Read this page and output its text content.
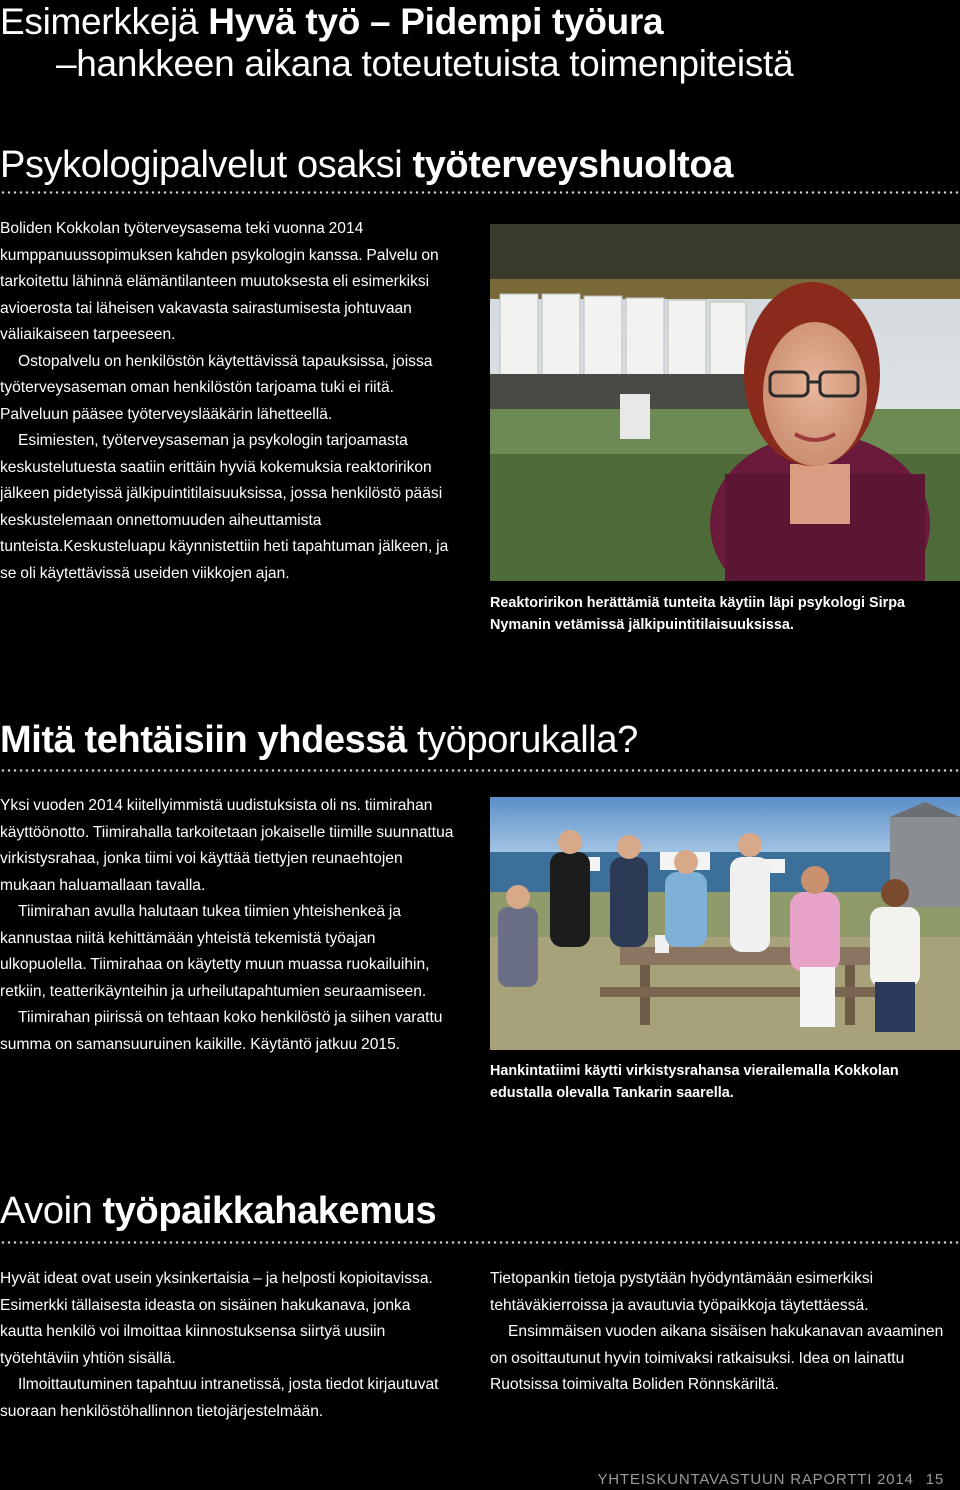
Esimerkkejä Hyvä työ – Pidempi työura
–hankkeen aikana toteutetuista toimenpiteistä
Psykologipalvelut osaksi työterveyshuoltoa

Boliden Kokkolan työterveysasema teki vuonna 2014 kumppanuussopimuksen kahden psykologin kanssa. Palvelu on tarkoitettu lähinnä elämäntilanteen muutoksesta eli esimerkiksi avioerosta tai läheisen vakavasta sairastumisesta johtuvaan väliaikaiseen tarpeeseen.

Ostopalvelu on henkilöstön käytettävissä tapauksissa, joissa työterveysaseman oman henkilöstön tarjoama tuki ei riitä. Palveluun pääsee työterveyslääkärin lähetteellä.

Esimiesten, työterveysaseman ja psykologin tarjoamasta keskustelutuesta saatiin erittäin hyviä kokemuksia reaktoririkon jälkeen pidetyissä jälkipuintitilaisuuksissa, jossa henkilöstö pääsi keskustelemaan onnettomuuden aiheuttamista tunteista.Keskusteluapu käynnistettiin heti tapahtuman jälkeen, ja se oli käytettävissä useiden viikkojen ajan.

Reaktoririkon herättämiä tunteita käytiin läpi psykologi Sirpa Nymanin vetämissä jälkipuintitilaisuuksissa.
Mitä tehtäisiin yhdessä työporukalla?

Yksi vuoden 2014 kiitellyimmistä uudistuksista oli ns. tiimirahan käyttöönotto. Tiimirahalla tarkoitetaan jokaiselle tiimille suunnattua virkistysrahaa, jonka tiimi voi käyttää tiettyjen reunaehtojen mukaan haluamallaan tavalla.

Tiimirahan avulla halutaan tukea tiimien yhteishenkeä ja kannustaa niitä kehittämään yhteistä tekemistä työajan ulkopuolella. Tiimirahaa on käytetty muun muassa ruokailuihin, retkiin, teatterikäynteihin ja urheilutapahtumien seuraamiseen.

Tiimirahan piirissä on tehtaan koko henkilöstö ja siihen varattu summa on samansuuruinen kaikille. Käytäntö jatkuu 2015.

Hankintatiimi käytti virkistysrahansa vierailemalla Kokkolan edustalla olevalla Tankarin saarella.
Avoin työpaikkahakemus

Hyvät ideat ovat usein yksinkertaisia – ja helposti kopioitavissa. Esimerkki tällaisesta ideasta on sisäinen hakukanava, jonka kautta henkilö voi ilmoittaa kiinnostuksensa siirtyä uusiin työtehtäviin yhtiön sisällä.

Ilmoittautuminen tapahtuu intranetissä, josta tiedot kirjautuvat suoraan henkilöstöhallinnon tietojärjestelmään.

Tietopankin tietoja pystytään hyödyntämään esimerkiksi tehtäväkierroissa ja avautuvia työpaikkoja täytettäessä.

Ensimmäisen vuoden aikana sisäisen hakukanavan avaaminen on osoittautunut hyvin toimivaksi ratkaisuksi. Idea on lainattu Ruotsissa toimivalta Boliden Rönnskäriltä.

YHTEISKUNTAVASTUUN RAPORTTI 2014 15
